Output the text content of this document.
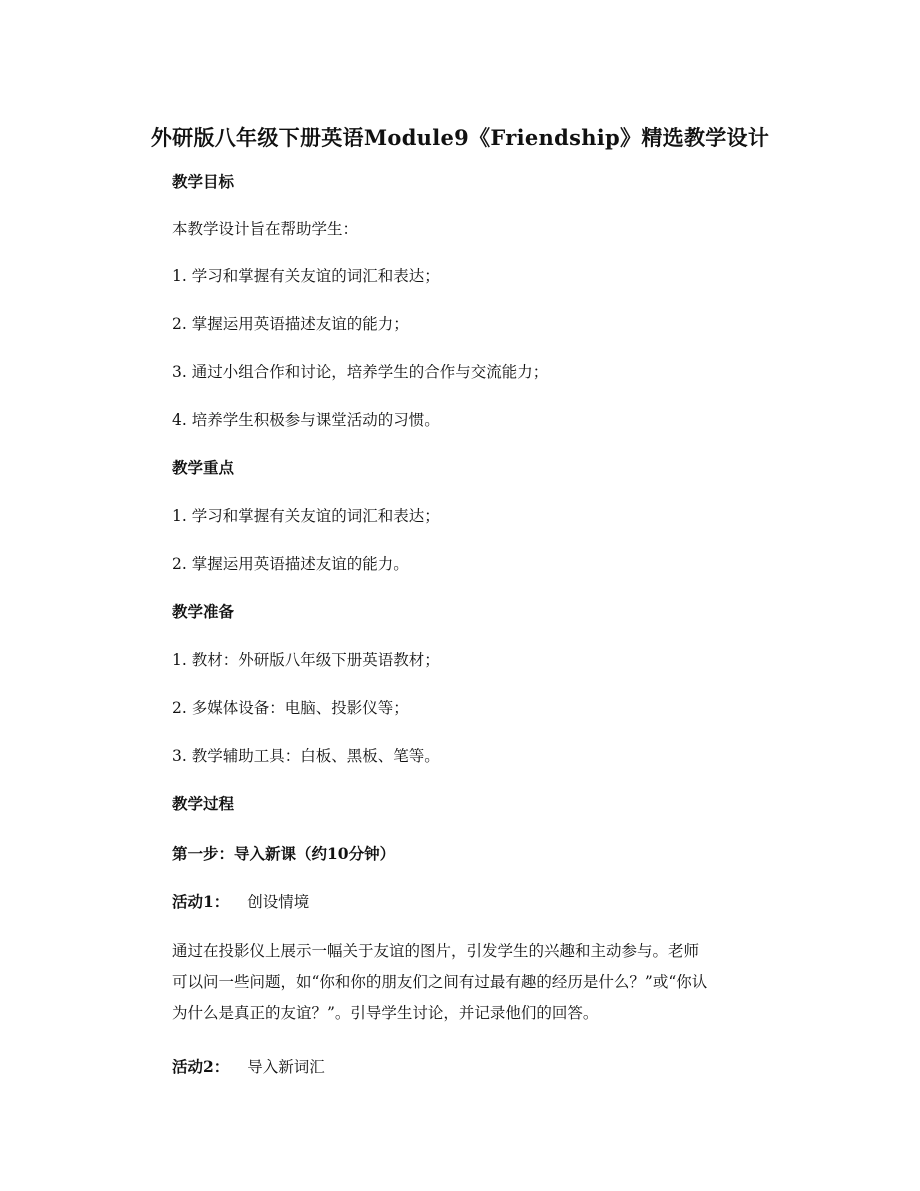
外研版八年级下册英语Module9《Friendship》精选教学设计
教学目标
本教学设计旨在帮助学生：
1. 学习和掌握有关友谊的词汇和表达；
2. 掌握运用英语描述友谊的能力；
3. 通过小组合作和讨论，培养学生的合作与交流能力；
4. 培养学生积极参与课堂活动的习惯。
教学重点
1. 学习和掌握有关友谊的词汇和表达；
2. 掌握运用英语描述友谊的能力。
教学准备
1. 教材：外研版八年级下册英语教材；
2. 多媒体设备：电脑、投影仪等；
3. 教学辅助工具：白板、黑板、笔等。
教学过程
第一步：导入新课（约10分钟）
活动1： 创设情境
通过在投影仪上展示一幅关于友谊的图片，引发学生的兴趣和主动参与。老师
可以问一些问题，如“你和你的朋友们之间有过最有趣的经历是什么？”或“你认
为什么是真正的友谊？”。引导学生讨论，并记录他们的回答。
活动2： 导入新词汇
